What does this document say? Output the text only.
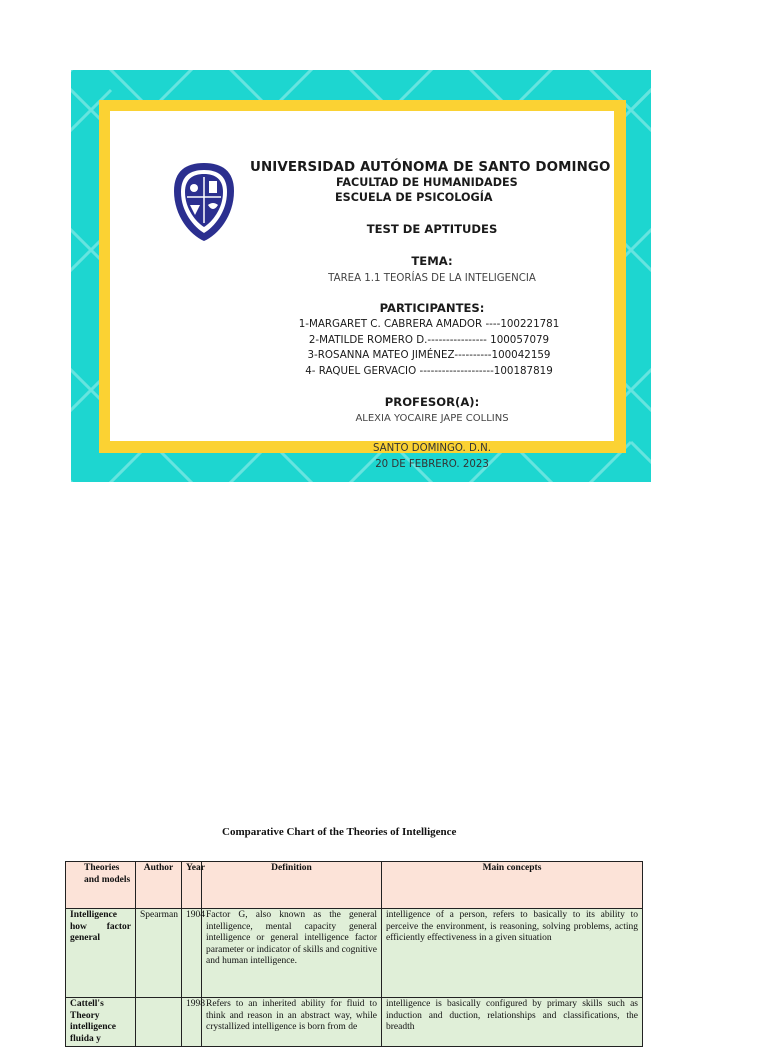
UNIVERSIDAD AUTÓNOMA DE SANTO DOMINGO
FACULTAD DE HUMANIDADES
ESCUELA DE PSICOLOGÍA
TEST DE APTITUDES
TEMA:
TAREA 1.1 TEORÍAS DE LA INTELIGENCIA
PARTICIPANTES:
1-MARGARET C. CABRERA AMADOR ----100221781
2-MATILDE ROMERO D.---------------- 100057079
3-ROSANNA MATEO JIMÉNEZ----------100042159
4- RAQUEL GERVACIO --------------------100187819
PROFESOR(A):
ALEXIA YOCAIRE JAPE COLLINS
SANTO DOMINGO. D.N.
20 DE FEBRERO. 2023
Comparative Chart of the Theories of Intelligence
Theories and models	Author	Year	Definition	Main concepts
Intelligence how factor general	Spearman	1904	Factor G, also known as the general intelligence, mental capacity general intelligence or general intelligence factor parameter or indicator of skills and cognitive and human intelligence.	intelligence of a person, refers to basically to its ability to perceive the environment, is reasoning, solving problems, acting efficiently effectiveness in a given situation
Cattell's Theory intelligence fluida y		1998	Refers to an inherited ability for fluid to think and reason in an abstract way, while crystallized intelligence is born from de	intelligence is basically configured by primary skills such as induction and duction, relationships and classifications, the breadth
